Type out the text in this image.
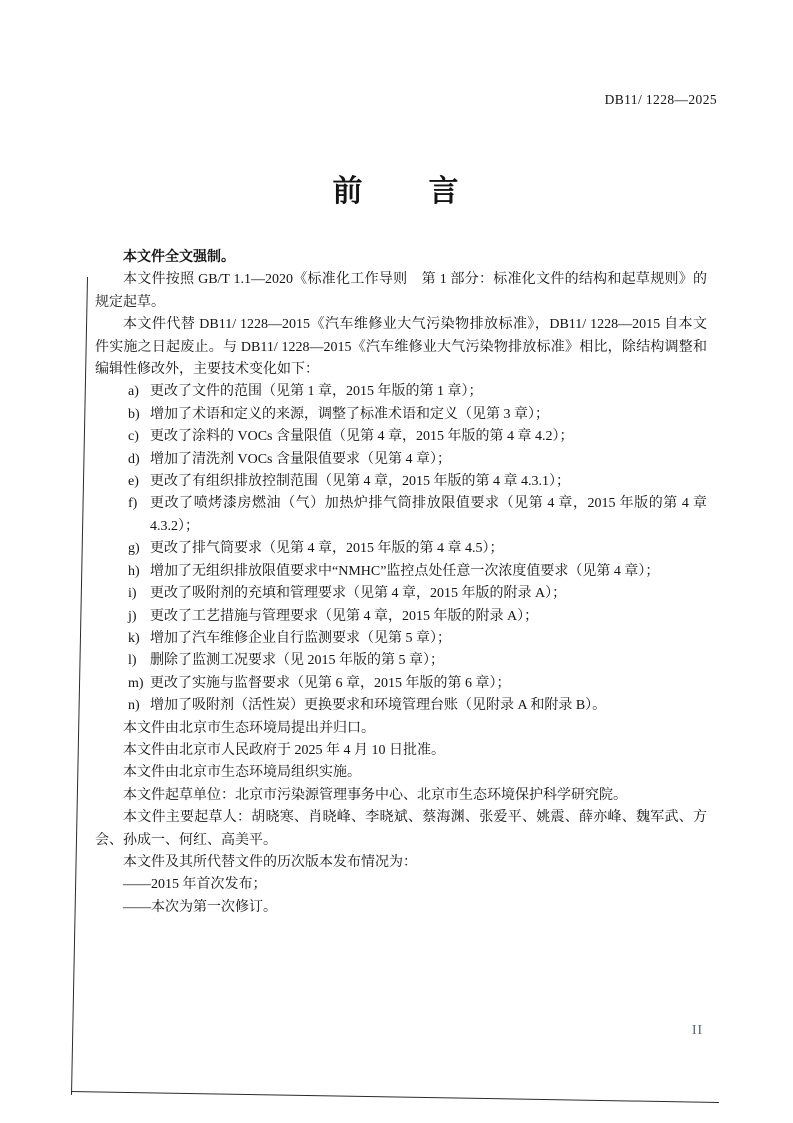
DB11/ 1228—2025
前　　言

本文件全文强制。

本文件按照 GB/T 1.1—2020《标准化工作导则　第 1 部分：标准化文件的结构和起草规则》的规定起草。

本文件代替 DB11/ 1228—2015《汽车维修业大气污染物排放标准》，DB11/ 1228—2015 自本文件实施之日起废止。与 DB11/ 1228—2015《汽车维修业大气污染物排放标准》相比，除结构调整和编辑性修改外，主要技术变化如下：

a) 更改了文件的范围（见第 1 章，2015 年版的第 1 章）；
b) 增加了术语和定义的来源，调整了标准术语和定义（见第 3 章）；
c) 更改了涂料的 VOCs 含量限值（见第 4 章，2015 年版的第 4 章 4.2）；
d) 增加了清洗剂 VOCs 含量限值要求（见第 4 章）；
e) 更改了有组织排放控制范围（见第 4 章，2015 年版的第 4 章 4.3.1）；
f) 更改了喷烤漆房燃油（气）加热炉排气筒排放限值要求（见第 4 章，2015 年版的第 4 章 4.3.2）；
g) 更改了排气筒要求（见第 4 章，2015 年版的第 4 章 4.5）；
h) 增加了无组织排放限值要求中“NMHC”监控点处任意一次浓度值要求（见第 4 章）；
i) 更改了吸附剂的充填和管理要求（见第 4 章，2015 年版的附录 A）；
j) 更改了工艺措施与管理要求（见第 4 章，2015 年版的附录 A）；
k) 增加了汽车维修企业自行监测要求（见第 5 章）；
l) 删除了监测工况要求（见 2015 年版的第 5 章）；
m) 更改了实施与监督要求（见第 6 章，2015 年版的第 6 章）；
n) 增加了吸附剂（活性炭）更换要求和环境管理台账（见附录 A 和附录 B）。

本文件由北京市生态环境局提出并归口。

本文件由北京市人民政府于 2025 年 4 月 10 日批准。

本文件由北京市生态环境局组织实施。

本文件起草单位：北京市污染源管理事务中心、北京市生态环境保护科学研究院。

本文件主要起草人：胡晓寒、肖晓峰、李晓斌、蔡海渊、张爱平、姚震、薛亦峰、魏军武、方会、孙成一、何红、高美平。

本文件及其所代替文件的历次版本发布情况为：

——2015 年首次发布；

——本次为第一次修订。

II
